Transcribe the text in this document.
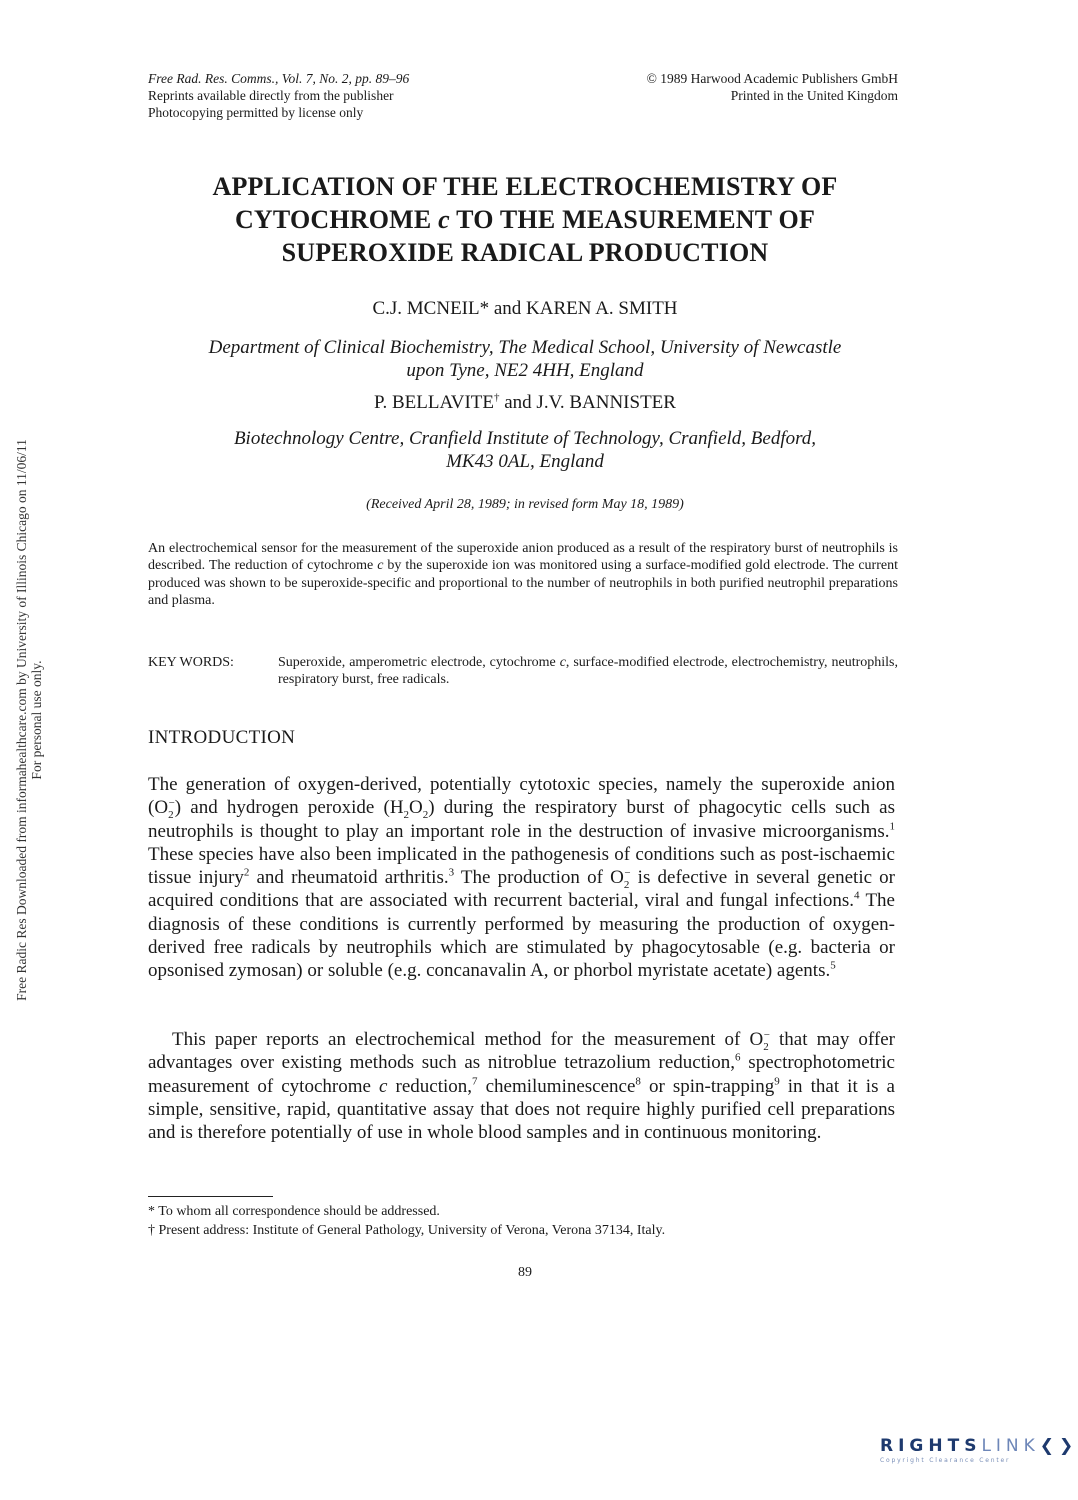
Free Rad. Res. Comms., Vol. 7, No. 2, pp. 89–96
Reprints available directly from the publisher
Photocopying permitted by license only
© 1989 Harwood Academic Publishers GmbH
Printed in the United Kingdom
APPLICATION OF THE ELECTROCHEMISTRY OF
CYTOCHROME c TO THE MEASUREMENT OF
SUPEROXIDE RADICAL PRODUCTION
C.J. MCNEIL* and KAREN A. SMITH
Department of Clinical Biochemistry, The Medical School, University of Newcastle
upon Tyne, NE2 4HH, England
P. BELLAVITE† and J.V. BANNISTER
Biotechnology Centre, Cranfield Institute of Technology, Cranfield, Bedford,
MK43 0AL, England
(Received April 28, 1989; in revised form May 18, 1989)
An electrochemical sensor for the measurement of the superoxide anion produced as a result of the respiratory burst of neutrophils is described. The reduction of cytochrome c by the superoxide ion was monitored using a surface-modified gold electrode. The current produced was shown to be superoxide-specific and proportional to the number of neutrophils in both purified neutrophil preparations and plasma.
KEY WORDS:	Superoxide, amperometric electrode, cytochrome c, surface-modified electrode, electrochemistry, neutrophils, respiratory burst, free radicals.
INTRODUCTION
The generation of oxygen-derived, potentially cytotoxic species, namely the superoxide anion $(O_2^-)$ and hydrogen peroxide $(H_2O_2)$ during the respiratory burst of phagocytic cells such as neutrophils is thought to play an important role in the destruction of invasive microorganisms.$^1$ These species have also been implicated in the pathogenesis of conditions such as post-ischaemic tissue injury$^2$ and rheumatoid arthritis.$^3$ The production of $O_2^-$ is defective in several genetic or acquired conditions that are associated with recurrent bacterial, viral and fungal infections.$^4$ The diagnosis of these conditions is currently performed by measuring the production of oxygen-derived free radicals by neutrophils which are stimulated by phagocytosable (e.g. bacteria or opsonised zymosan) or soluble (e.g. concanavalin A, or phorbol myristate acetate) agents.$^5$
This paper reports an electrochemical method for the measurement of $O_2^-$ that may offer advantages over existing methods such as nitroblue tetrazolium reduction,$^6$ spectrophotometric measurement of cytochrome c reduction,$^7$ chemiluminescence$^8$ or spin-trapping$^9$ in that it is a simple, sensitive, rapid, quantitative assay that does not require highly purified cell preparations and is therefore potentially of use in whole blood samples and in continuous monitoring.
* To whom all correspondence should be addressed.
† Present address: Institute of General Pathology, University of Verona, Verona 37134, Italy.
89
Free Radic Res Downloaded from informahealthcare.com by University of Illinois Chicago on 11/06/11 For personal use only.
RIGHTSLINK❮❯
Copyright Clearance Center
